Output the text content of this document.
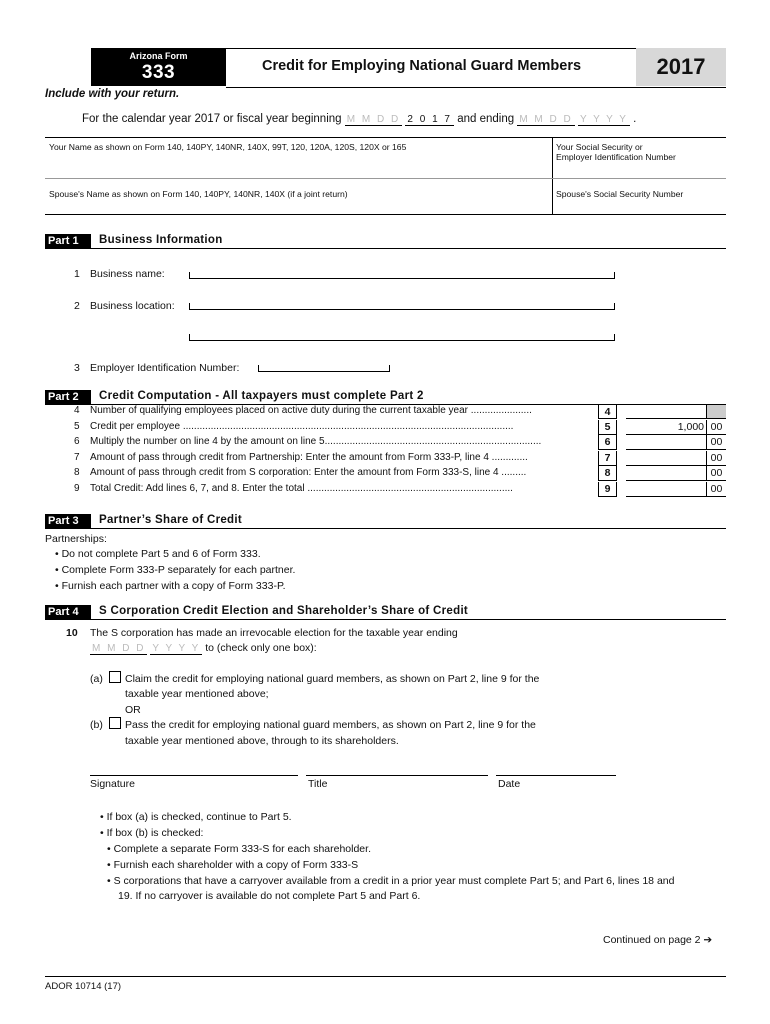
Arizona Form
333	Credit for Employing National Guard Members	2017
Include with your return.
For the calendar year 2017 or fiscal year beginning M M D D 2 0 1 7 and ending M M D D Y Y Y Y .
Your Name as shown on Form 140, 140PY, 140NR, 140X, 99T, 120, 120A, 120S, 120X or 165	Your Social Security or
Employer Identification Number
Spouse's Name as shown on Form 140, 140PY, 140NR, 140X (if a joint return)	Spouse's Social Security Number
Part 1	Business Information
1 Business name:
2 Business location:
3 Employer Identification Number:
Part 2	Credit Computation - All taxpayers must complete Part 2
4 Number of qualifying employees placed on active duty during the current taxable year ......................	4
5 Credit per employee .......................................................................................................................	5	1,000 00
6 Multiply the number on line 4 by the amount on line 5..............................................................................	6	00
7 Amount of pass through credit from Partnership: Enter the amount from Form 333-P, line 4 .............	7	00
8 Amount of pass through credit from S corporation: Enter the amount from Form 333-S, line 4 .........	8	00
9 Total Credit: Add lines 6, 7, and 8. Enter the total ..........................................................................	9	00
Part 3	Partner’s Share of Credit
Partnerships:
• Do not complete Part 5 and 6 of Form 333.
• Complete Form 333-P separately for each partner.
• Furnish each partner with a copy of Form 333-P.
Part 4	S Corporation Credit Election and Shareholder’s Share of Credit
10 The S corporation has made an irrevocable election for the taxable year ending
M M D D Y Y Y Y to (check only one box):
(a) Claim the credit for employing national guard members, as shown on Part 2, line 9 for the
taxable year mentioned above;
OR
(b) Pass the credit for employing national guard members, as shown on Part 2, line 9 for the
taxable year mentioned above, through to its shareholders.
Signature	Title	Date
• If box (a) is checked, continue to Part 5.
• If box (b) is checked:
• Complete a separate Form 333-S for each shareholder.
• Furnish each shareholder with a copy of Form 333-S
• S corporations that have a carryover available from a credit in a prior year must complete Part 5; and Part 6, lines 18 and
19. If no carryover is available do not complete Part 5 and Part 6.
Continued on page 2 ➔
ADOR 10714 (17)
